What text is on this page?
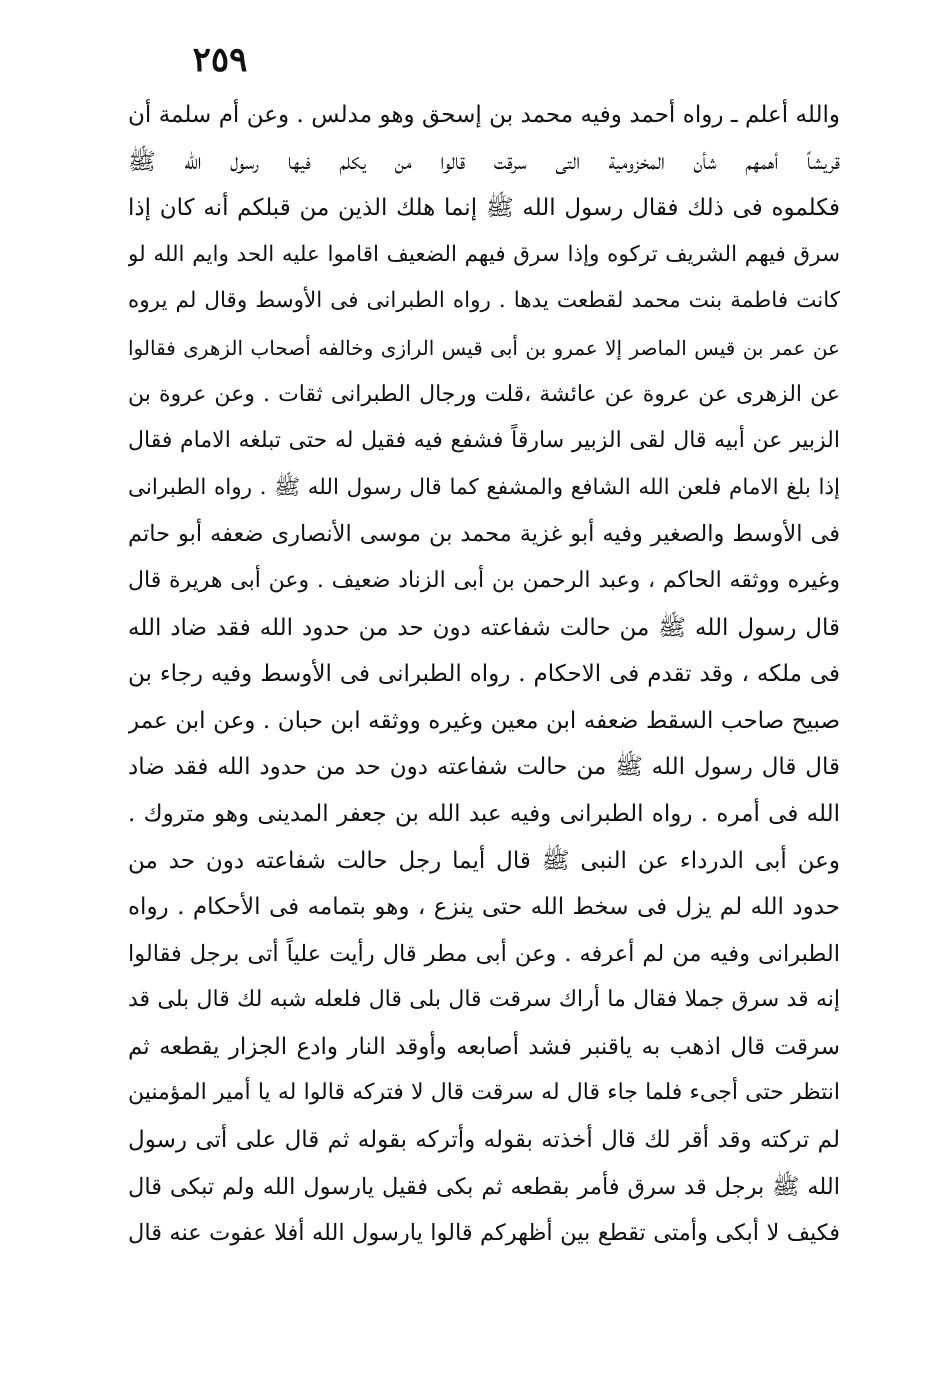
٢٥٩
والله أعلم ـ رواه أحمد وفيه محمد بن إسحق وهو مدلس . وعن أم سلمة أن
قريشاً أهمهم شأن المخزومية التى سرقت قالوا من يكلم فيها رسول الله ﷺ
فكلموه فى ذلك فقال رسول الله ﷺ إنما هلك الذين من قبلكم أنه كان إذا
سرق فيهم الشريف تركوه وإذا سرق فيهم الضعيف اقاموا عليه الحد وايم الله لو
كانت فاطمة بنت محمد لقطعت يدها . رواه الطبرانى فى الأوسط وقال لم يروه
عن عمر بن قيس الماصر إلا عمرو بن أبى قيس الرازى وخالفه أصحاب الزهرى فقالوا
عن الزهرى عن عروة عن عائشة ،قلت ورجال الطبرانى ثقات . وعن عروة بن
الزبير عن أبيه قال لقى الزبير سارقاً فشفع فيه فقيل له حتى تبلغه الامام فقال
إذا بلغ الامام فلعن الله الشافع والمشفع كما قال رسول الله ﷺ . رواه الطبرانى
فى الأوسط والصغير وفيه أبو غزية محمد بن موسى الأنصارى ضعفه أبو حاتم
وغيره ووثقه الحاكم ، وعبد الرحمن بن أبى الزناد ضعيف . وعن أبى هريرة قال
قال رسول الله ﷺ من حالت شفاعته دون حد من حدود الله فقد ضاد الله
فى ملكه ، وقد تقدم فى الاحكام . رواه الطبرانى فى الأوسط وفيه رجاء بن
صبيح صاحب السقط ضعفه ابن معين وغيره ووثقه ابن حبان . وعن ابن عمر
قال قال رسول الله ﷺ من حالت شفاعته دون حد من حدود الله فقد ضاد
الله فى أمره . رواه الطبرانى وفيه عبد الله بن جعفر المدينى وهو متروك .
وعن أبى الدرداء عن النبى ﷺ قال أيما رجل حالت شفاعته دون حد من
حدود الله لم يزل فى سخط الله حتى ينزع ، وهو بتمامه فى الأحكام . رواه
الطبرانى وفيه من لم أعرفه . وعن أبى مطر قال رأيت علياً أتى برجل فقالوا
إنه قد سرق جملا فقال ما أراك سرقت قال بلى قال فلعله شبه لك قال بلى قد
سرقت قال اذهب به ياقنبر فشد أصابعه وأوقد النار وادع الجزار يقطعه ثم
انتظر حتى أجىء فلما جاء قال له سرقت قال لا فتركه قالوا له يا أمير المؤمنين
لم تركته وقد أقر لك قال أخذته بقوله وأتركه بقوله ثم قال على أتى رسول
الله ﷺ برجل قد سرق فأمر بقطعه ثم بكى فقيل يارسول الله ولم تبكى قال
فكيف لا أبكى وأمتى تقطع بين أظهركم قالوا يارسول الله أفلا عفوت عنه قال
